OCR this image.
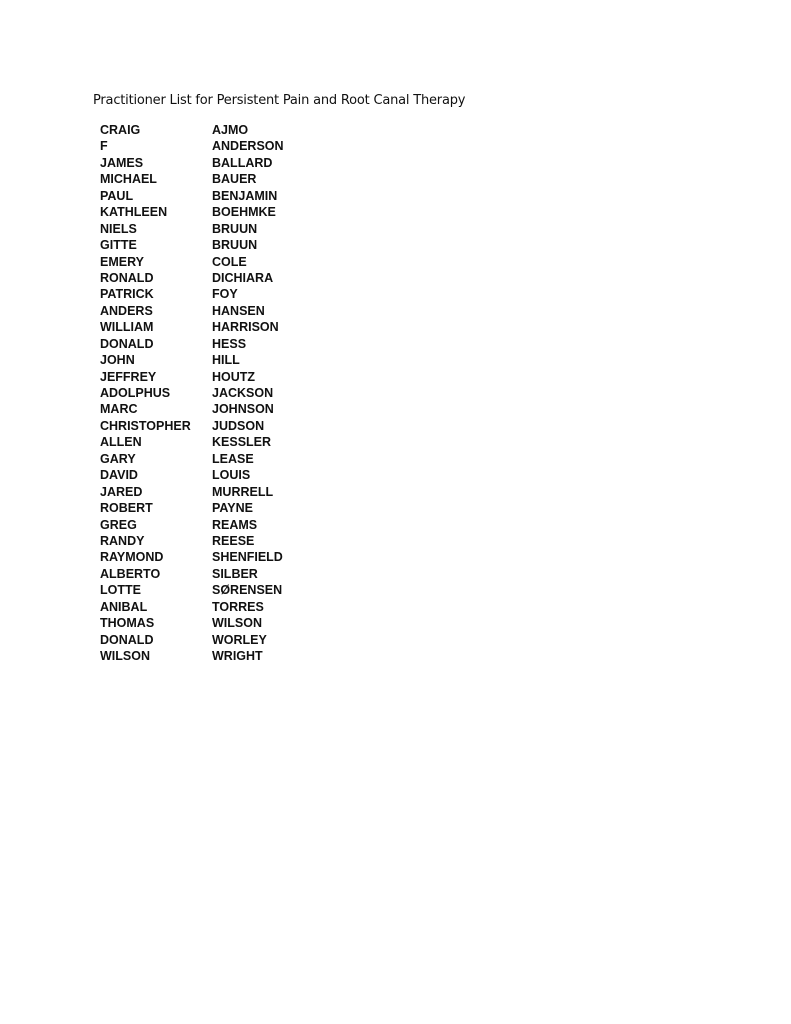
Practitioner List for Persistent Pain and Root Canal Therapy
CRAIG	AJMO
F	ANDERSON
JAMES	BALLARD
MICHAEL	BAUER
PAUL	BENJAMIN
KATHLEEN	BOEHMKE
NIELS	BRUUN
GITTE	BRUUN
EMERY	COLE
RONALD	DICHIARA
PATRICK	FOY
ANDERS	HANSEN
WILLIAM	HARRISON
DONALD	HESS
JOHN	HILL
JEFFREY	HOUTZ
ADOLPHUS	JACKSON
MARC	JOHNSON
CHRISTOPHER	JUDSON
ALLEN	KESSLER
GARY	LEASE
DAVID	LOUIS
JARED	MURRELL
ROBERT	PAYNE
GREG	REAMS
RANDY	REESE
RAYMOND	SHENFIELD
ALBERTO	SILBER
LOTTE	SØRENSEN
ANIBAL	TORRES
THOMAS	WILSON
DONALD	WORLEY
WILSON	WRIGHT
